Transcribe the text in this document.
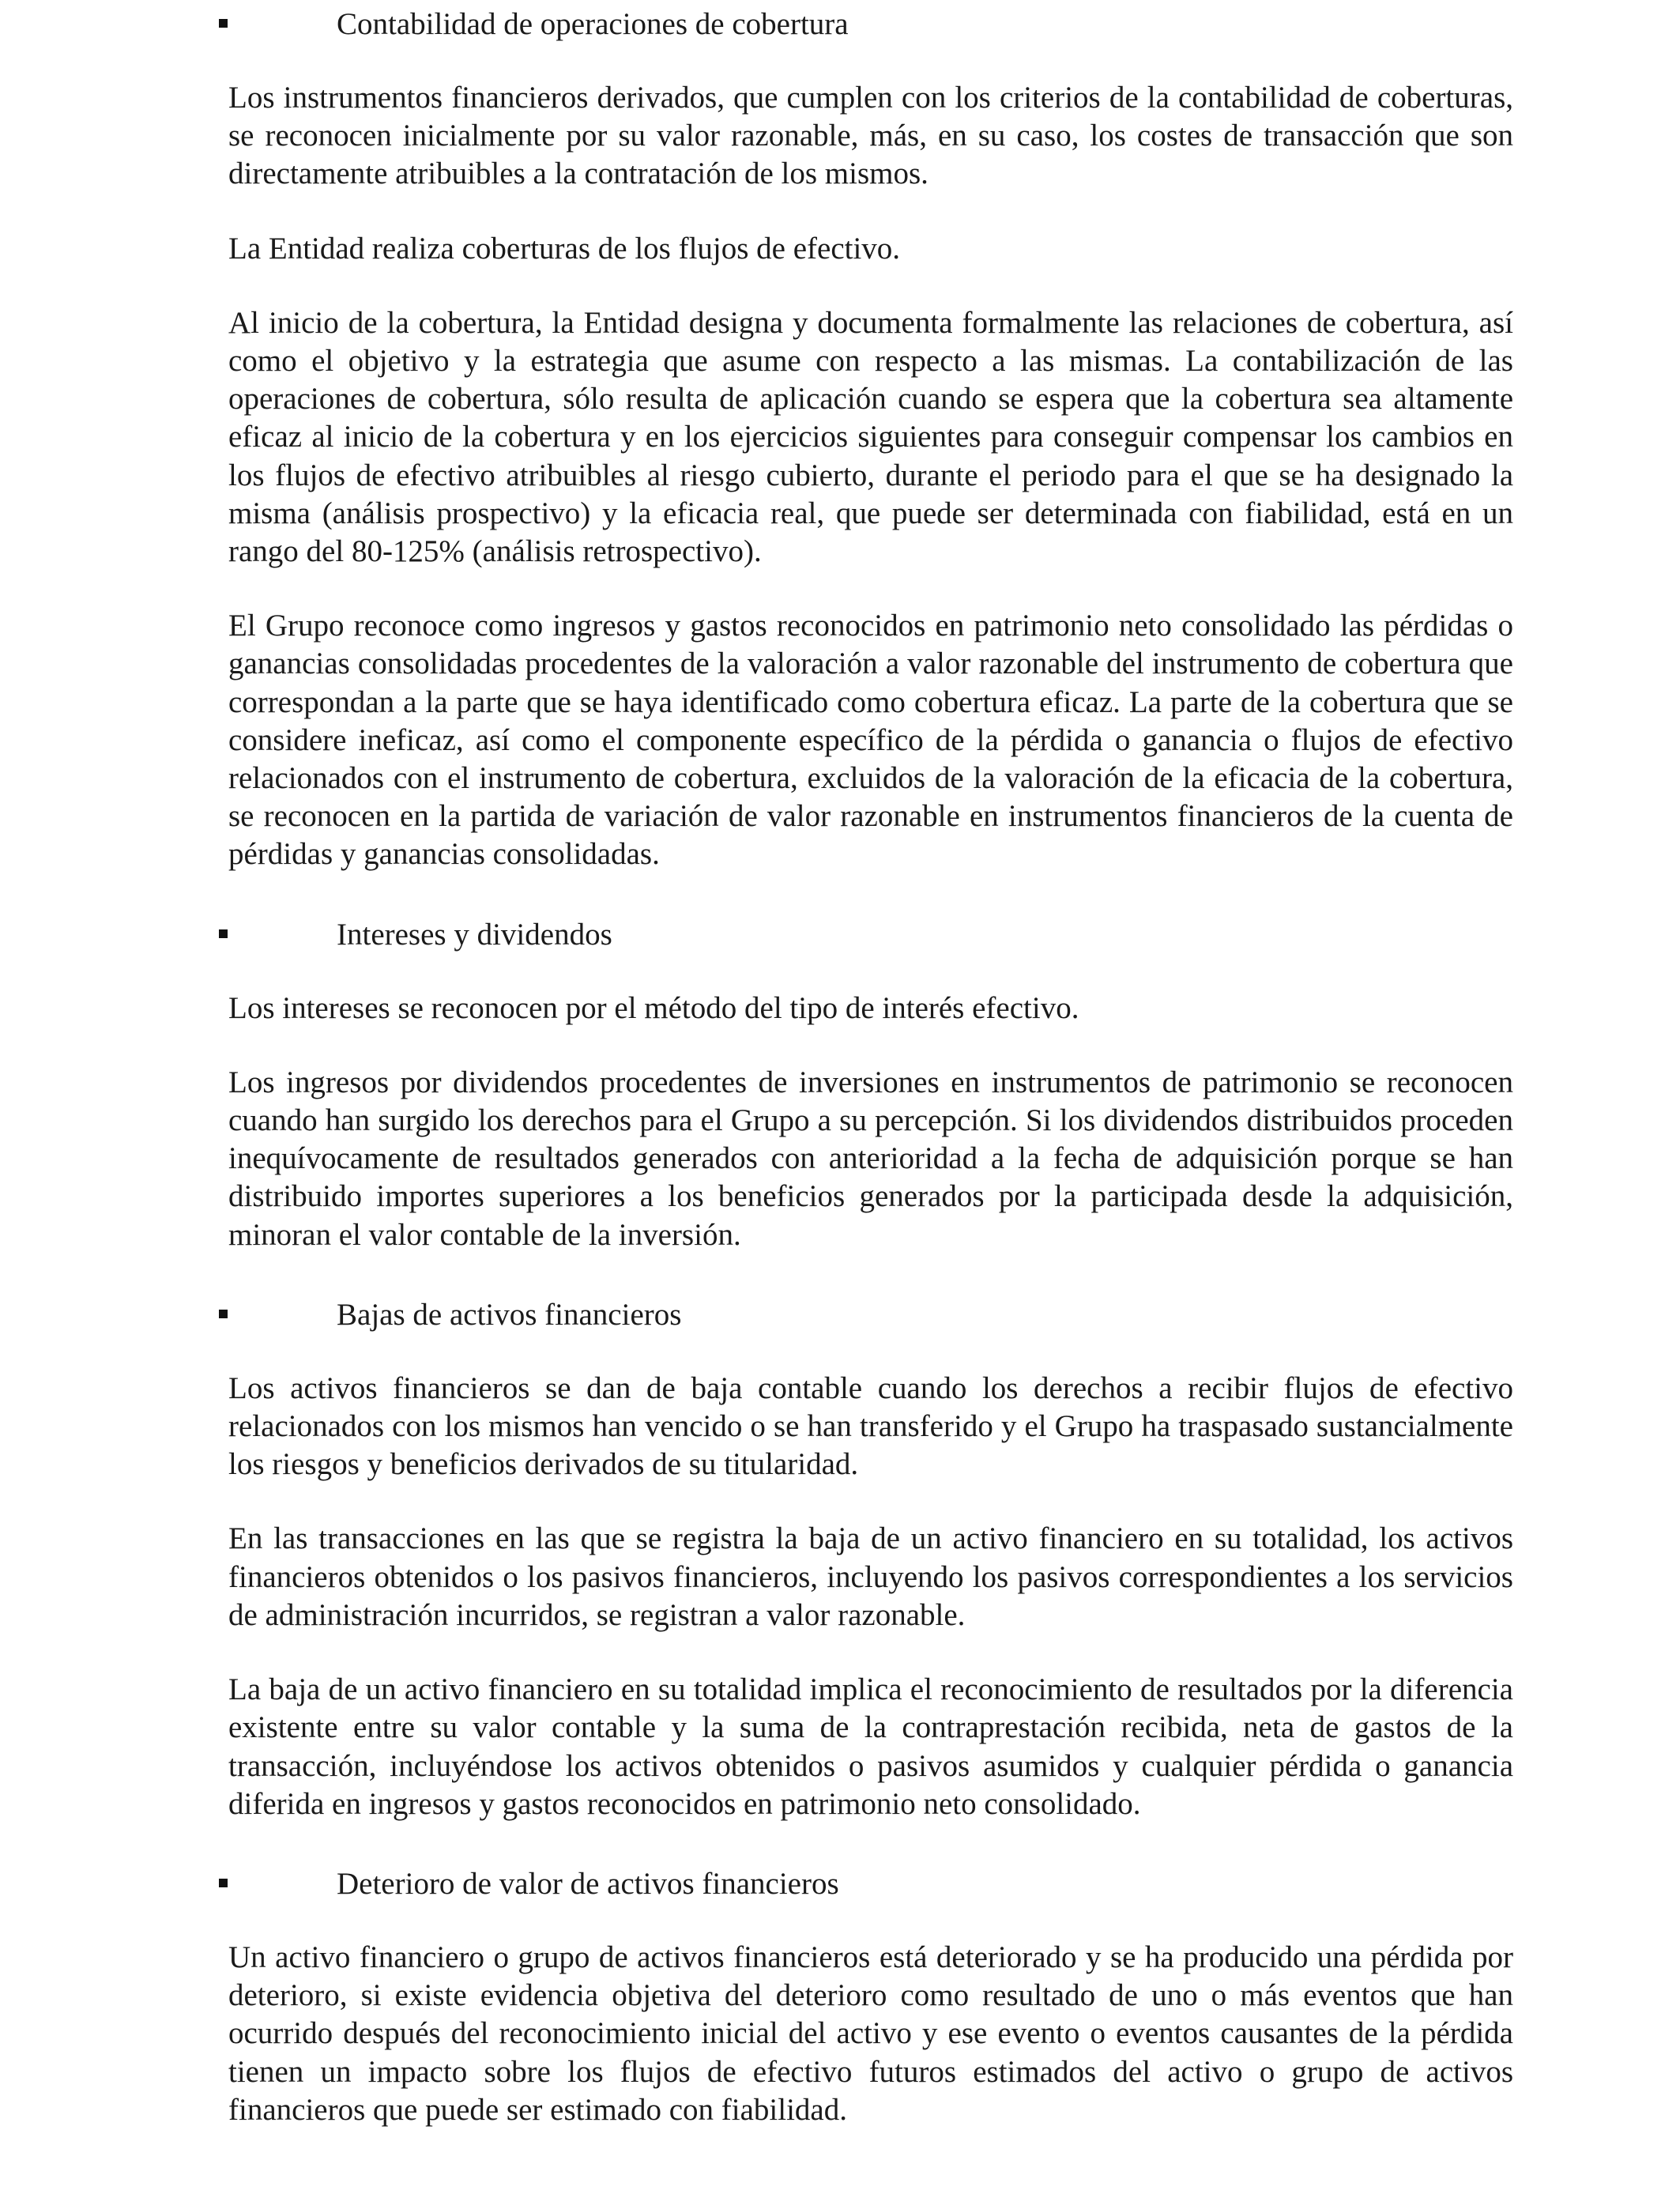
Contabilidad de operaciones de cobertura

Los instrumentos financieros derivados, que cumplen con los criterios de la contabilidad de coberturas, se reconocen inicialmente por su valor razonable, más, en su caso, los costes de transacción que son directamente atribuibles a la contratación de los mismos.

La Entidad realiza coberturas de los flujos de efectivo.

Al inicio de la cobertura, la Entidad designa y documenta formalmente las relaciones de cobertura, así como el objetivo y la estrategia que asume con respecto a las mismas. La contabilización de las operaciones de cobertura, sólo resulta de aplicación cuando se espera que la cobertura sea altamente eficaz al inicio de la cobertura y en los ejercicios siguientes para conseguir compensar los cambios en los flujos de efectivo atribuibles al riesgo cubierto, durante el periodo para el que se ha designado la misma (análisis prospectivo) y la eficacia real, que puede ser determinada con fiabilidad, está en un rango del 80-125% (análisis retrospectivo).

El Grupo reconoce como ingresos y gastos reconocidos en patrimonio neto consolidado las pérdidas o ganancias consolidadas procedentes de la valoración a valor razonable del instrumento de cobertura que correspondan a la parte que se haya identificado como cobertura eficaz. La parte de la cobertura que se considere ineficaz, así como el componente específico de la pérdida o ganancia o flujos de efectivo relacionados con el instrumento de cobertura, excluidos de la valoración de la eficacia de la cobertura, se reconocen en la partida de variación de valor razonable en instrumentos financieros de la cuenta de pérdidas y ganancias consolidadas.

Intereses y dividendos

Los intereses se reconocen por el método del tipo de interés efectivo.

Los ingresos por dividendos procedentes de inversiones en instrumentos de patrimonio se reconocen cuando han surgido los derechos para el Grupo a su percepción. Si los dividendos distribuidos proceden inequívocamente de resultados generados con anterioridad a la fecha de adquisición porque se han distribuido importes superiores a los beneficios generados por la participada desde la adquisición, minoran el valor contable de la inversión.

Bajas de activos financieros

Los activos financieros se dan de baja contable cuando los derechos a recibir flujos de efectivo relacionados con los mismos han vencido o se han transferido y el Grupo ha traspasado sustancialmente los riesgos y beneficios derivados de su titularidad.

En las transacciones en las que se registra la baja de un activo financiero en su totalidad, los activos financieros obtenidos o los pasivos financieros, incluyendo los pasivos correspondientes a los servicios de administración incurridos, se registran a valor razonable.

La baja de un activo financiero en su totalidad implica el reconocimiento de resultados por la diferencia existente entre su valor contable y la suma de la contraprestación recibida, neta de gastos de la transacción, incluyéndose los activos obtenidos o pasivos asumidos y cualquier pérdida o ganancia diferida en ingresos y gastos reconocidos en patrimonio neto consolidado.

Deterioro de valor de activos financieros

Un activo financiero o grupo de activos financieros está deteriorado y se ha producido una pérdida por deterioro, si existe evidencia objetiva del deterioro como resultado de uno o más eventos que han ocurrido después del reconocimiento inicial del activo y ese evento o eventos causantes de la pérdida tienen un impacto sobre los flujos de efectivo futuros estimados del activo o grupo de activos financieros que puede ser estimado con fiabilidad.
